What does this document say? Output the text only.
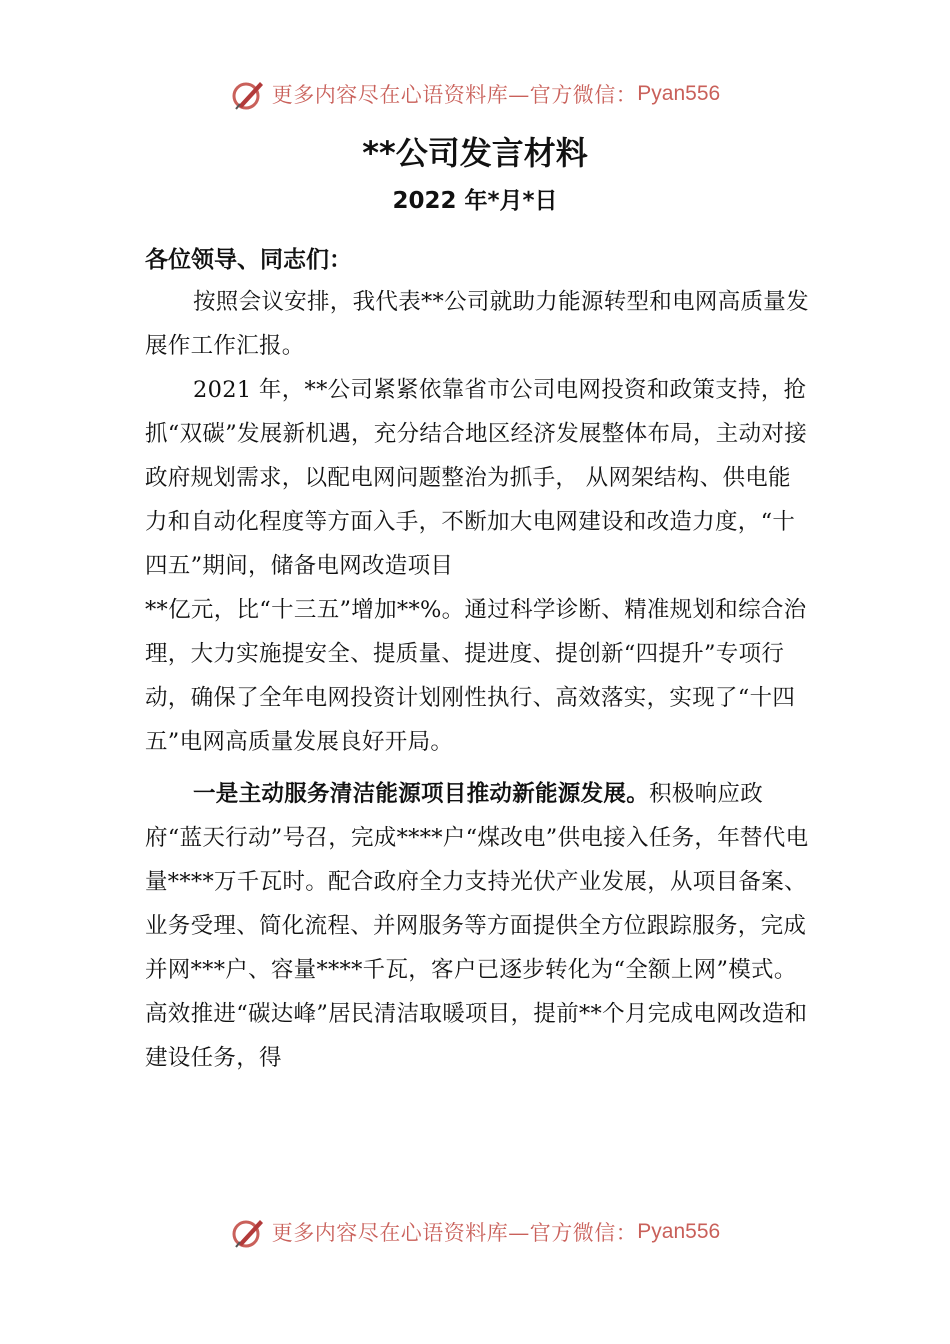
更多内容尽在心语资料库—官方微信： Pyan556
**公司发言材料
2022 年*月*日
各位领导、同志们：

按照会议安排，我代表**公司就助力能源转型和电网高质量发展作工作汇报。

2021 年，**公司紧紧依靠省市公司电网投资和政策支持，抢抓“双碳”发展新机遇，充分结合地区经济发展整体布局，主动对接政府规划需求，以配电网问题整治为抓手， 从网架结构、供电能力和自动化程度等方面入手，不断加大电网建设和改造力度，“十四五”期间，储备电网改造项目

**亿元，比“十三五”增加**%。通过科学诊断、精准规划和综合治理，大力实施提安全、提质量、提进度、提创新“四提升”专项行动，确保了全年电网投资计划刚性执行、高效落实，实现了“十四五”电网高质量发展良好开局。

一是主动服务清洁能源项目推动新能源发展。积极响应政府“蓝天行动”号召，完成****户“煤改电”供电接入任务，年替代电量****万千瓦时。配合政府全力支持光伏产业发展，从项目备案、业务受理、简化流程、并网服务等方面提供全方位跟踪服务，完成并网***户、容量****千瓦，客户已逐步转化为“全额上网”模式。高效推进“碳达峰”居民清洁取暖项目，提前**个月完成电网改造和建设任务，得

更多内容尽在心语资料库—官方微信： Pyan556
